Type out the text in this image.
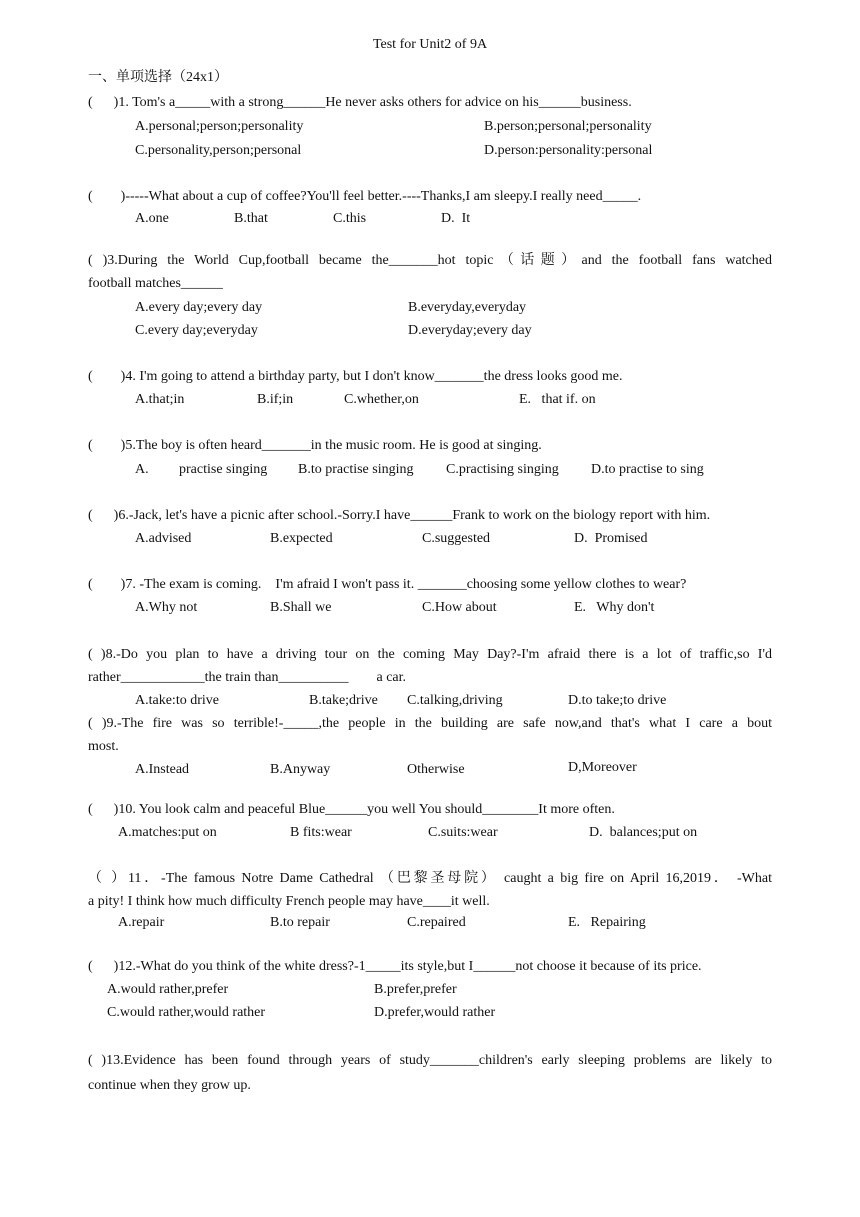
Test for Unit2 of 9A
一、单项选择（24x1）
(      )1. Tom's a_____with a strong______He never asks others for advice on his______business.
A.personal;person;personality	B.person;personal;personality
C.personality,person;personal	D.person:personality:personal
(        )-----What about a cup of coffee?You'll feel better.----Thanks,I am sleepy.I really need_____.
A.one	B.that	C.this	D.  It
( )3.During the World Cup,football became the_______hot topic（话题）and the football fans watched
football matches______
A.every day;every day	B.everyday,everyday
C.every day;everyday	D.everyday;every day
(        )4. I'm going to attend a birthday party, but I don't know_______the dress looks good me.
A.that;in	B.if;in	C.whether,on	E.   that if. on
(        )5.The boy is often heard_______in the music room. He is good at singing.
A. practise singing B.to practise singing C.practising singing D.to practise to sing
(      )6.-Jack, let's have a picnic after school.-Sorry.I have______Frank to work on the biology report with him.
A.advised	B.expected	C.suggested	D.  Promised
(        )7. -The exam is coming.    I'm afraid I won't pass it. _______choosing some yellow clothes to wear?
A.Why not	B.Shall we	C.How about	E.   Why don't
( )8.-Do you plan to have a driving tour on the coming May Day?-I'm afraid there is a lot of traffic,so I'd
rather____________the train than__________        a car.
A.take:to drive	B.take;drive C.talking,driving	D.to take;to drive
( )9.-The fire was so terrible!-_____,the people in the building are safe now,and that's what I care a bout
most.
A.Instead	B.Anyway	Otherwise	D,Moreover
(      )10. You look calm and peaceful Blue______you well You should________It more often.
A.matches:put on	B fits:wear	C.suits:wear	D.  balances;put on
（ ）11．-The famous Notre Dame Cathedral （巴黎圣母院） caught a big fire on April 16,2019． -What
a pity! I think how much difficulty French people may have____it well.
A.repair	B.to repair	C.repaired	E.   Repairing
(      )12.-What do you think of the white dress?-1_____its style,but I______not choose it because of its price.
A.would rather,prefer	B.prefer,prefer
C.would rather,would rather	D.prefer,would rather
( )13.Evidence has been found through years of study_______children's early sleeping problems are likely to
continue when they grow up.
